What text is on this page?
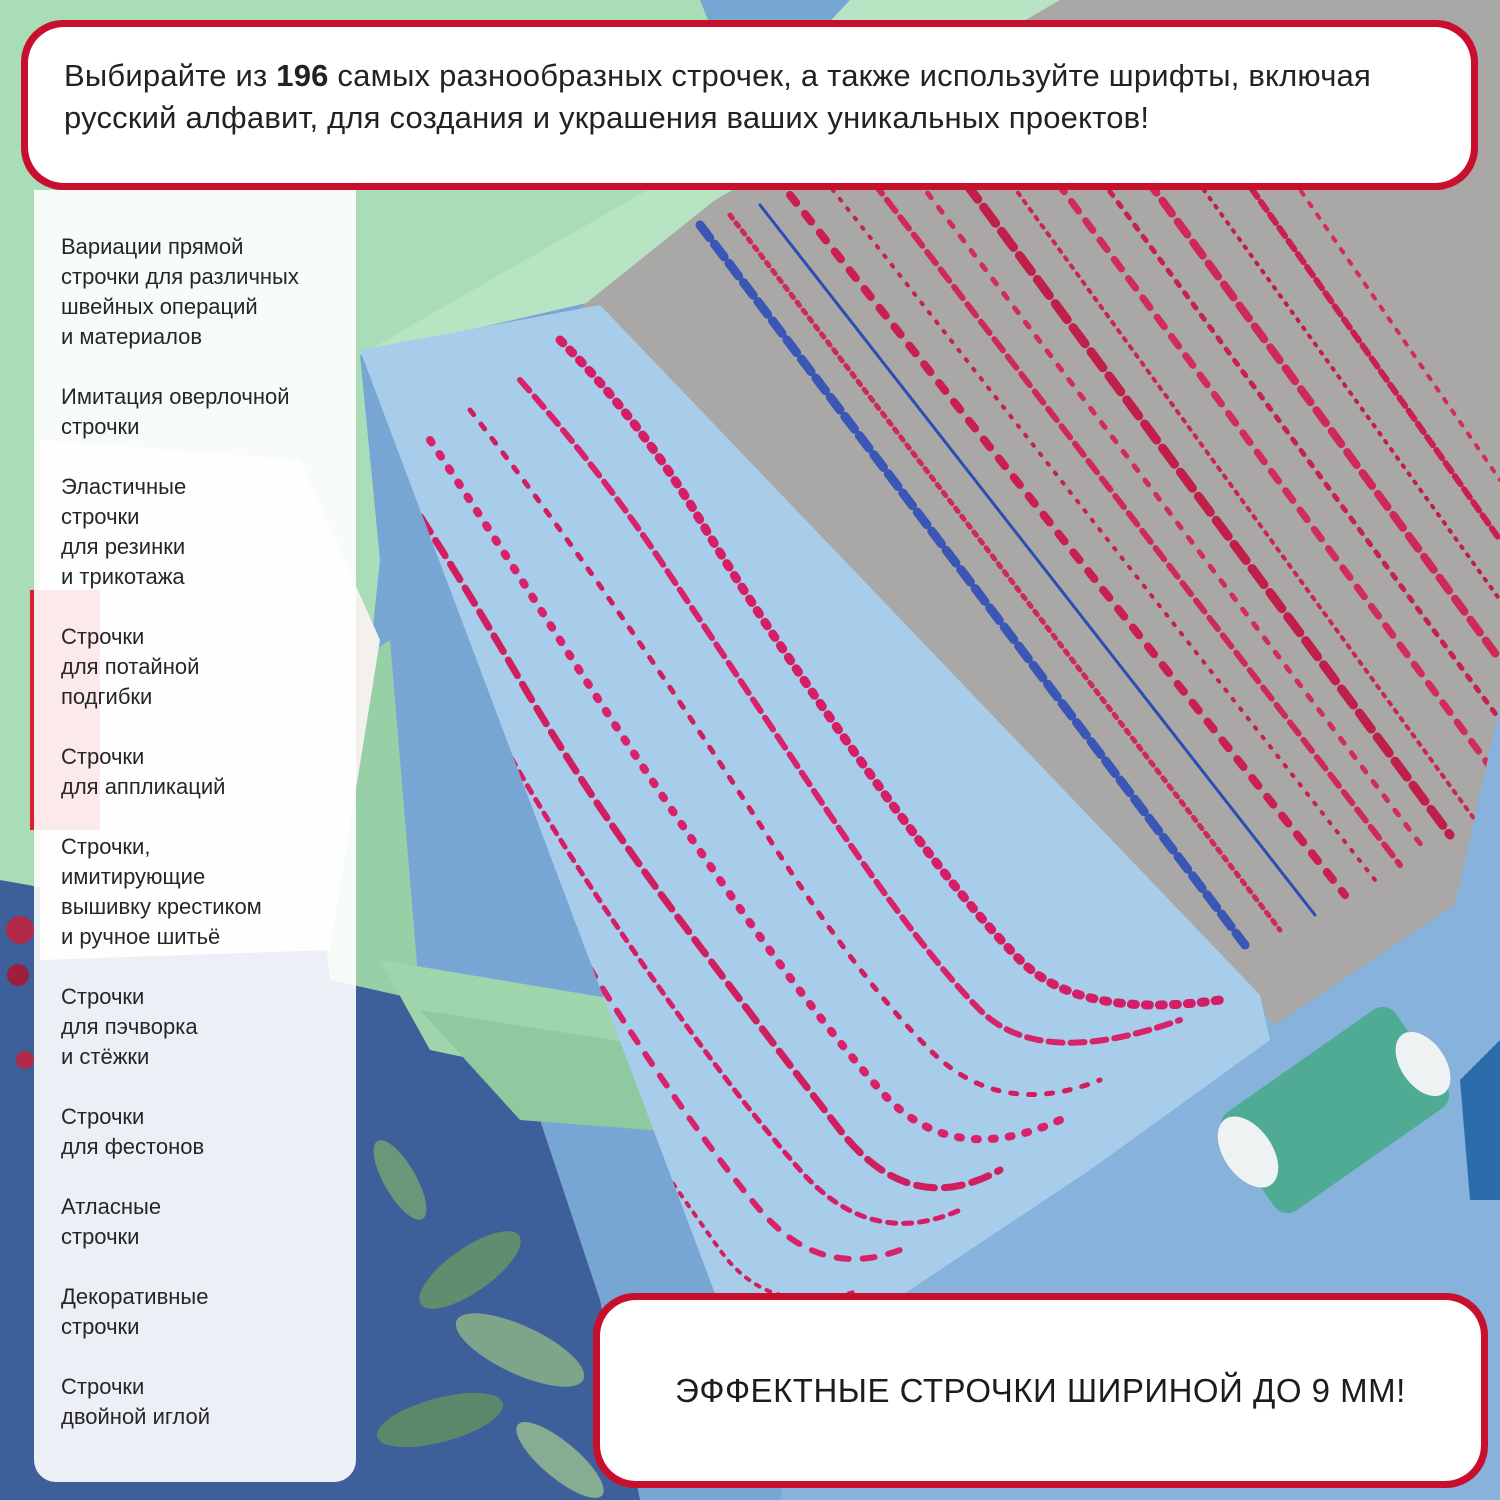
Выбирайте из 196 самых разнообразных строчек, а также используйте шрифты, включая русский алфавит, для создания и украшения ваших уникальных проектов!
Вариации прямой
строчки для различных
швейных операций
и материалов
Имитация оверлочной
строчки
Эластичные
строчки
для резинки
и трикотажа
Строчки
для потайной
подгибки
Строчки
для аппликаций
Строчки,
имитирующие
вышивку крестиком
и ручное шитьё
Строчки
для пэчворка
и стёжки
Строчки
для фестонов
Атласные
строчки
Декоративные
строчки
Строчки
двойной иглой
ЭФФЕКТНЫЕ СТРОЧКИ ШИРИНОЙ ДО 9 ММ!
